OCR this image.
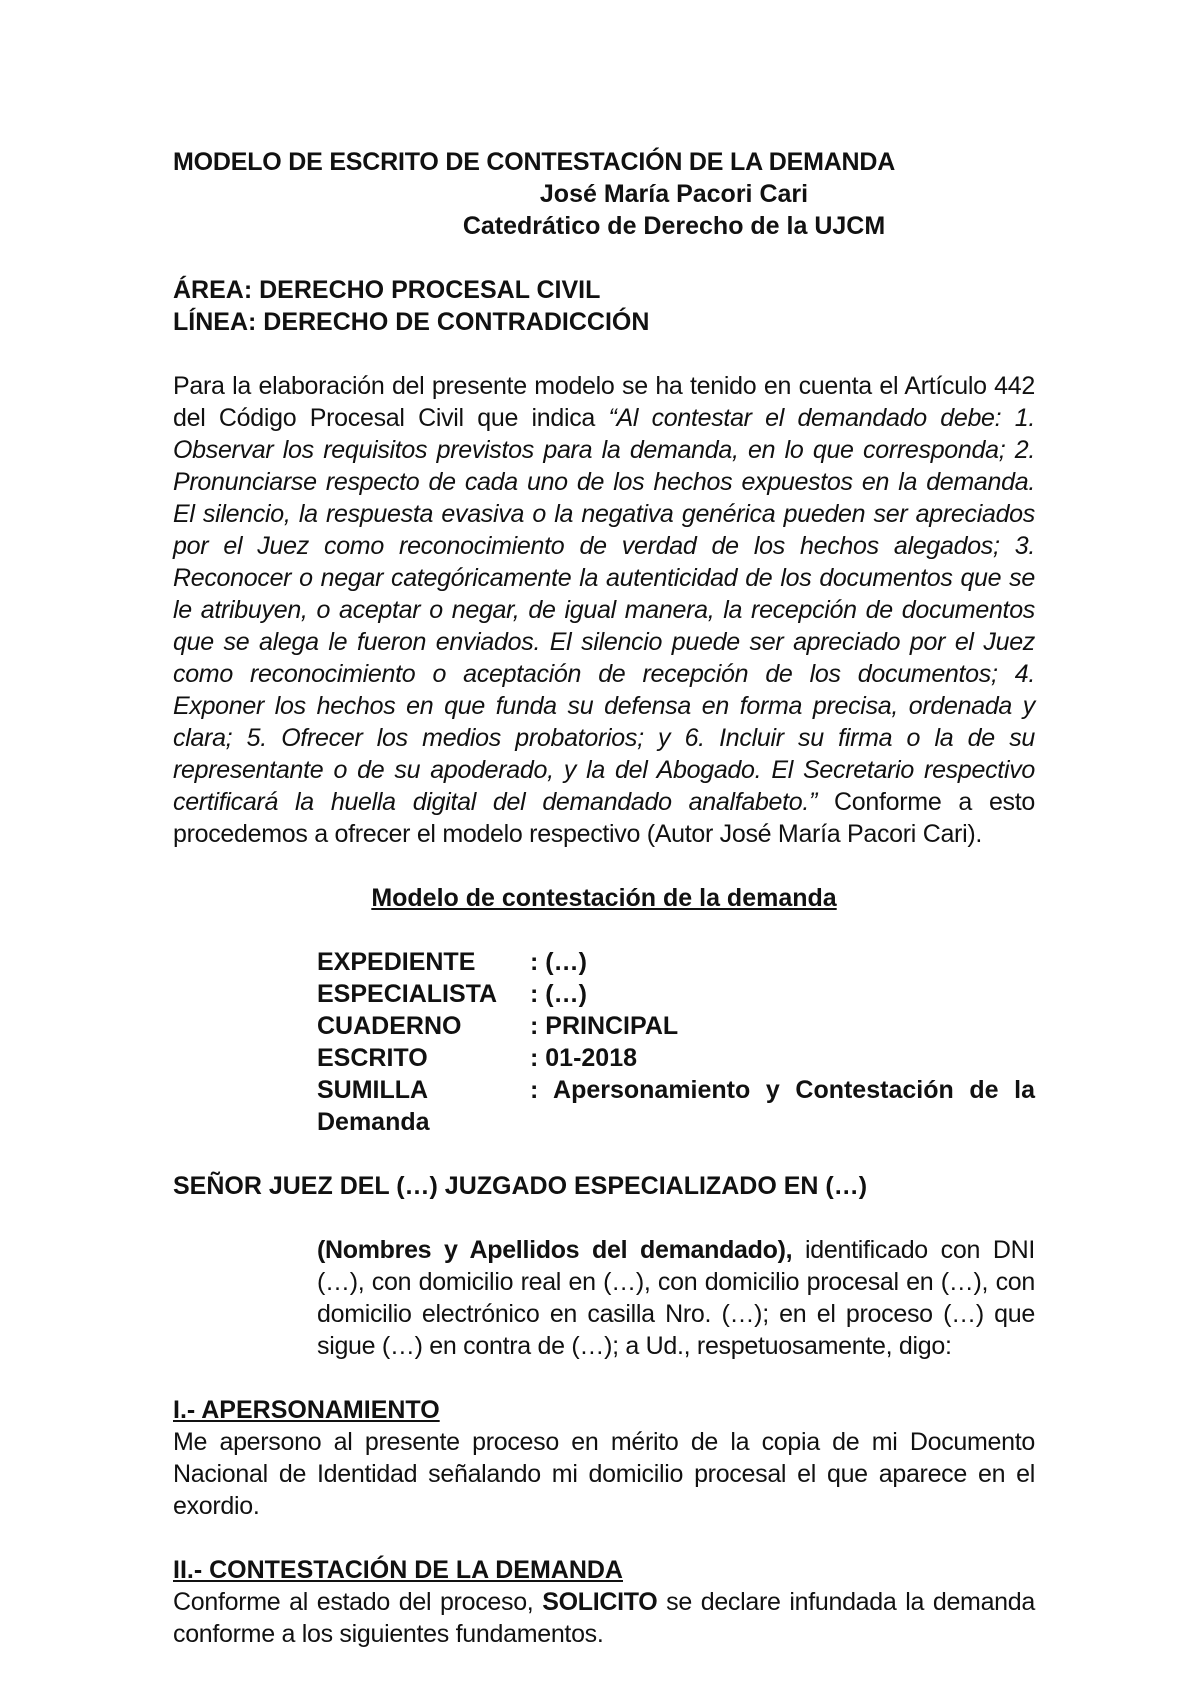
MODELO DE ESCRITO DE CONTESTACIÓN DE LA DEMANDA
José María Pacori Cari
Catedrático de Derecho de la UJCM
ÁREA: DERECHO PROCESAL CIVIL
LÍNEA: DERECHO DE CONTRADICCIÓN
Para la elaboración del presente modelo se ha tenido en cuenta el Artículo 442 del Código Procesal Civil que indica “Al contestar el demandado debe: 1. Observar los requisitos previstos para la demanda, en lo que corresponda; 2. Pronunciarse respecto de cada uno de los hechos expuestos en la demanda. El silencio, la respuesta evasiva o la negativa genérica pueden ser apreciados por el Juez como reconocimiento de verdad de los hechos alegados; 3. Reconocer o negar categóricamente la autenticidad de los documentos que se le atribuyen, o aceptar o negar, de igual manera, la recepción de documentos que se alega le fueron enviados. El silencio puede ser apreciado por el Juez como reconocimiento o aceptación de recepción de los documentos; 4. Exponer los hechos en que funda su defensa en forma precisa, ordenada y clara; 5. Ofrecer los medios probatorios; y 6. Incluir su firma o la de su representante o de su apoderado, y la del Abogado. El Secretario respectivo certificará la huella digital del demandado analfabeto.” Conforme a esto procedemos a ofrecer el modelo respectivo (Autor José María Pacori Cari).
Modelo de contestación de la demanda
EXPEDIENTE	: (…)
ESPECIALISTA	: (…)
CUADERNO	: PRINCIPAL
ESCRITO	: 01-2018
SUMILLA	: Apersonamiento y Contestación de la
Demanda
SEÑOR JUEZ DEL (…) JUZGADO ESPECIALIZADO EN (…)
(Nombres y Apellidos del demandado), identificado con DNI (…), con domicilio real en (…), con domicilio procesal en (…), con domicilio electrónico en casilla Nro. (…); en el proceso (…) que sigue (…) en contra de (…); a Ud., respetuosamente, digo:
I.- APERSONAMIENTO
Me apersono al presente proceso en mérito de la copia de mi Documento Nacional de Identidad señalando mi domicilio procesal el que aparece en el exordio.
II.- CONTESTACIÓN DE LA DEMANDA
Conforme al estado del proceso, SOLICITO se declare infundada la demanda conforme a los siguientes fundamentos.
